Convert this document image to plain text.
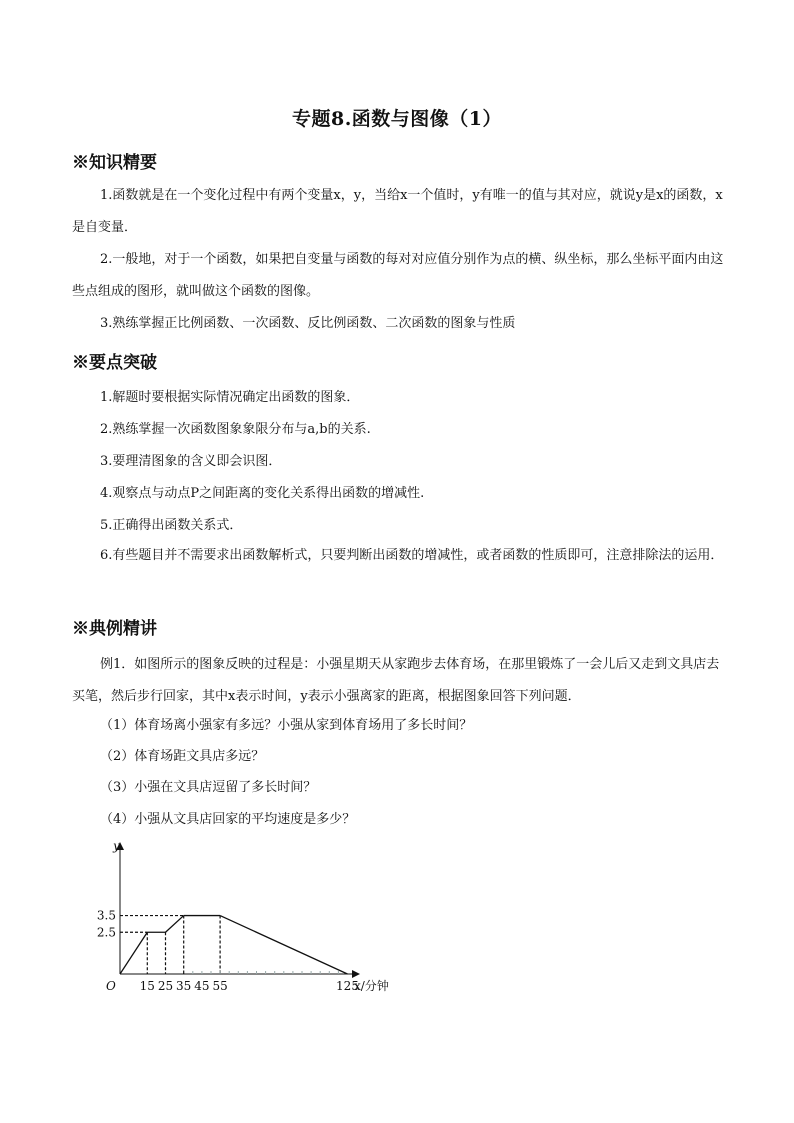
专题8.函数与图像（1）
※知识精要

1.函数就是在一个变化过程中有两个变量x，y，当给x一个值时，y有唯一的值与其对应，就说y是x的函数，x是自变量．

2.一般地，对于一个函数，如果把自变量与函数的每对对应值分别作为点的横、纵坐标，那么坐标平面内由这些点组成的图形，就叫做这个函数的图像。

3.熟练掌握正比例函数、一次函数、反比例函数、二次函数的图象与性质

※要点突破

1.解题时要根据实际情况确定出函数的图象．

2.熟练掌握一次函数图象象限分布与a,b的关系.

3.要理清图象的含义即会识图．

4.观察点与动点P之间距离的变化关系得出函数的增减性.

5.正确得出函数关系式．

6.有些题目并不需要求出函数解析式，只要判断出函数的增减性，或者函数的性质即可，注意排除法的运用．

※典例精讲

例1．如图所示的图象反映的过程是：小强星期天从家跑步去体育场，在那里锻炼了一会儿后又走到文具店去买笔，然后步行回家，其中x表示时间，y表示小强离家的距离，根据图象回答下列问题．

（1）体育场离小强家有多远？小强从家到体育场用了多长时间？
（2）体育场距文具店多远？
（3）小强在文具店逗留了多长时间？
（4）小强从文具店回家的平均速度是多少？
y
x/分钟
O 15 25 35 45 55	125
2.5
3.5
